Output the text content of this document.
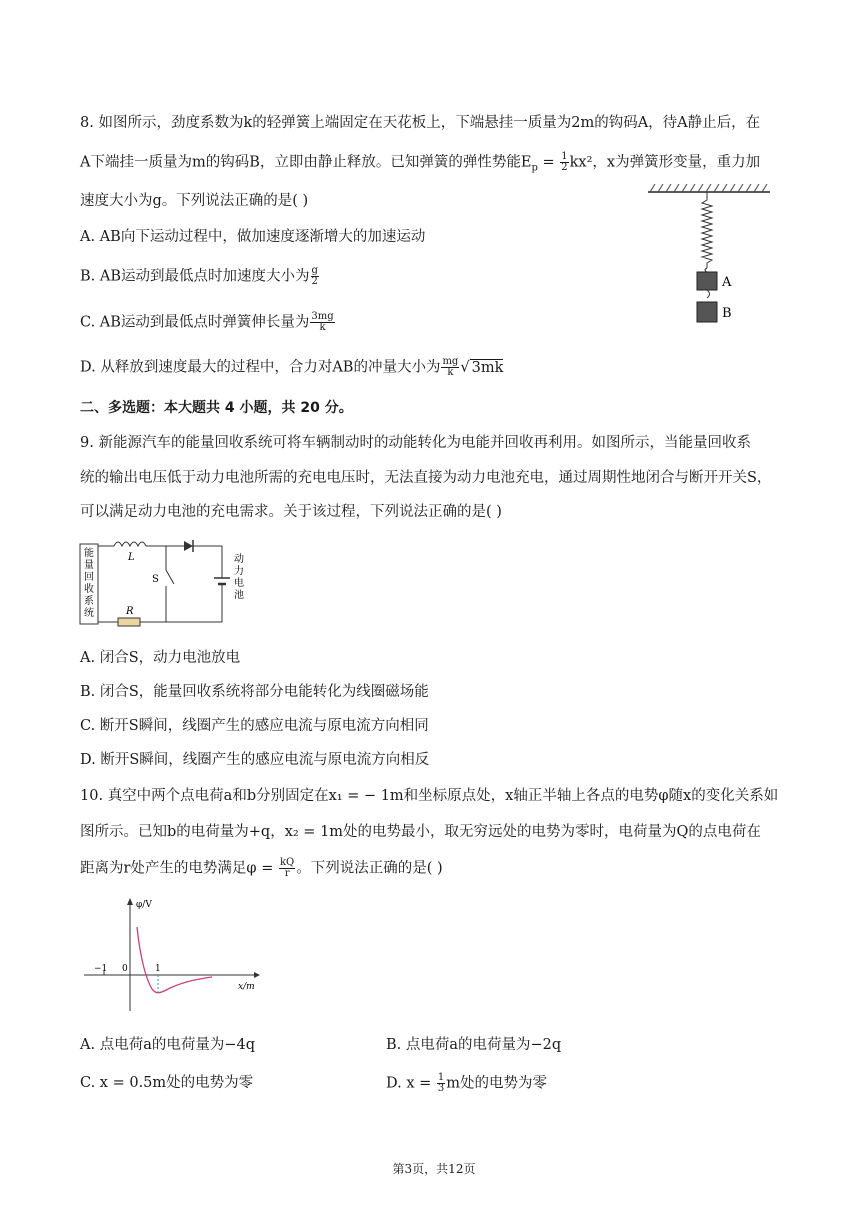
8. 如图所示，劲度系数为k的轻弹簧上端固定在天花板上，下端悬挂一质量为2m的钩码A，待A静止后，在
A下端挂一质量为m的钩码B，立即由静止释放。已知弹簧的弹性势能$E_p = \frac{1}{2} kx^2$，x为弹簧形变量，重力加
速度大小为g。下列说法正确的是( )
A. AB向下运动过程中，做加速度逐渐增大的加速运动
B. AB运动到最低点时加速度大小为 $\frac{g}{2}$
C. AB运动到最低点时弹簧伸长量为 $\frac{3mg}{k}$
D. 从释放到速度最大的过程中，合力对AB的冲量大小为 $\frac{mg}{k}$ √ 3mk
A
B
二、多选题：本大题共 4 小题，共 20 分。
9. 新能源汽车的能量回收系统可将车辆制动时的动能转化为电能并回收再利用。如图所示，当能量回收系
统的输出电压低于动力电池所需的充电电压时，无法直接为动力电池充电，通过周期性地闭合与断开开关S，
可以满足动力电池的充电需求。关于该过程，下列说法正确的是( )
L
S
R
动力电池
能量回收系统
A. 闭合S，动力电池放电
B. 闭合S，能量回收系统将部分电能转化为线圈磁场能
C. 断开S瞬间，线圈产生的感应电流与原电流方向相同
D. 断开S瞬间，线圈产生的感应电流与原电流方向相反
10. 真空中两个点电荷a和b分别固定在x₁ = − 1m和坐标原点处，x轴正半轴上各点的电势φ随x的变化关系如
图所示。已知b的电荷量为+q，x₂ = 1m处的电势最小，取无穷远处的电势为零时，电荷量为Q的点电荷在
距离为r处产生的电势满足$\varphi = \frac{kQ}{r}$ 。下列说法正确的是( )
φ/V
x/m
−1 0	1
A. 点电荷a的电荷量为−4q	B. 点电荷a的电荷量为−2q
C. x = 0.5m处的电势为零	D. $x = \frac{1}{3}$ m处的电势为零
第3页，共12页
